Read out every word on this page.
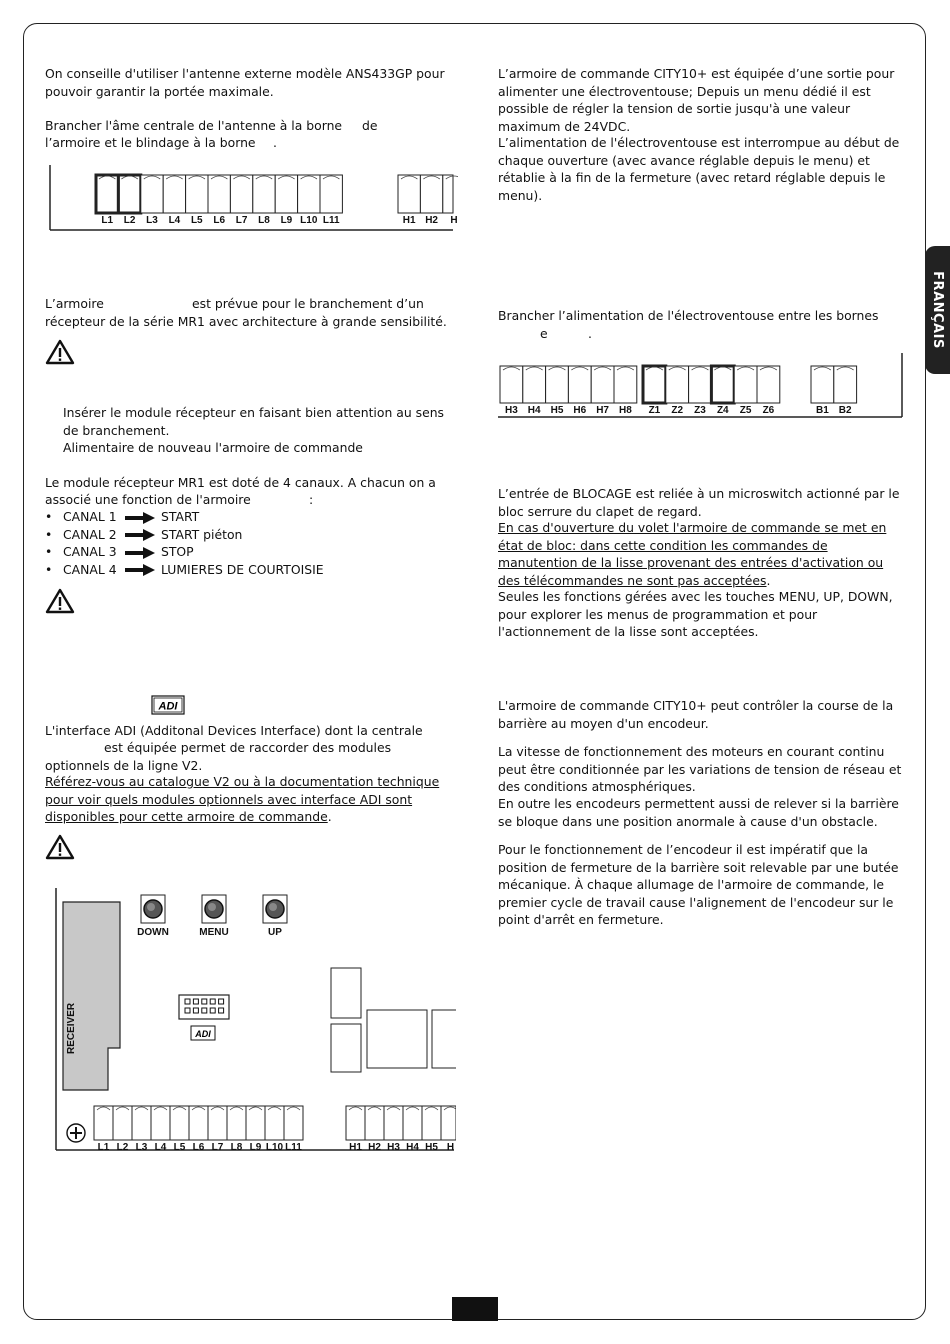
FRANÇAIS

On conseille d'utiliser l'antenne externe modèle ANS433GP pour pouvoir garantir la portée maximale.

Brancher l'âme centrale de l'antenne à la borne de

l’armoire et le blindage à la borne .

L1 L2 L3 L4 L5 L6 L7 L8 L9 L10 L11	H1 H2 H

L’armoire	est prévue pour le branchement d’un

récepteur de la série MR1 avec architecture à grande sensibilité.

Insérer le module récepteur en faisant bien attention au sens de branchement.

Alimentaire de nouveau l'armoire de commande

Le module récepteur MR1 est doté de 4 canaux. A chacun on a

associé une fonction de l'armoire	:

• CANAL 1	START
• CANAL 2	START piéton
• CANAL 3	STOP
• CANAL 4	LUMIERES DE COURTOISIE
ADI

L'interface ADI (Additonal Devices Interface) dont la centrale

est équipée permet de raccorder des modules optionnels de la ligne V2.

Référez-vous au catalogue V2 ou à la documentation technique pour voir quels modules optionnels avec interface ADI sont disponibles pour cette armoire de commande.

RECEIVER
DOWN	MENU	UP
ADI
L1 L2 L3 L4 L5 L6 L7 L8 L9 L10 L11	H1 H2 H3 H4 H5 H

L’armoire de commande CITY10+ est équipée d’une sortie pour alimenter une électroventouse; Depuis un menu dédié il est possible de régler la tension de sortie jusqu'à une valeur maximum de 24VDC.

L’alimentation de l'électroventouse est interrompue au début de chaque ouverture (avec avance réglable depuis le menu) et rétablie à la fin de la fermeture (avec retard réglable depuis le menu).

Brancher l’alimentation de l'électroventouse entre les bornes

e	.

H3 H4 H5 H6 H7 H8 Z1 Z2 Z3 Z4 Z5 Z6	B1 B2

L’entrée de BLOCAGE est reliée à un microswitch actionné par le bloc serrure du clapet de regard.

En cas d'ouverture du volet l'armoire de commande se met en état de bloc: dans cette condition les commandes de manutention de la lisse provenant des entrées d'activation ou des télécommandes ne sont pas acceptées.

Seules les fonctions gérées avec les touches MENU, UP, DOWN, pour explorer les menus de programmation et pour l'actionnement de la lisse sont acceptées.

L'armoire de commande CITY10+ peut contrôler la course de la barrière au moyen d'un encodeur.

La vitesse de fonctionnement des moteurs en courant continu peut être conditionnée par les variations de tension de réseau et des conditions atmosphériques.

En outre les encodeurs permettent aussi de relever si la barrière se bloque dans une position anormale à cause d'un obstacle.

Pour le fonctionnement de l’encodeur il est impératif que la position de fermeture de la barrière soit relevable par une butée mécanique. À chaque allumage de l'armoire de commande, le premier cycle de travail cause l'alignement de l'encodeur sur le point d'arrêt en fermeture.
